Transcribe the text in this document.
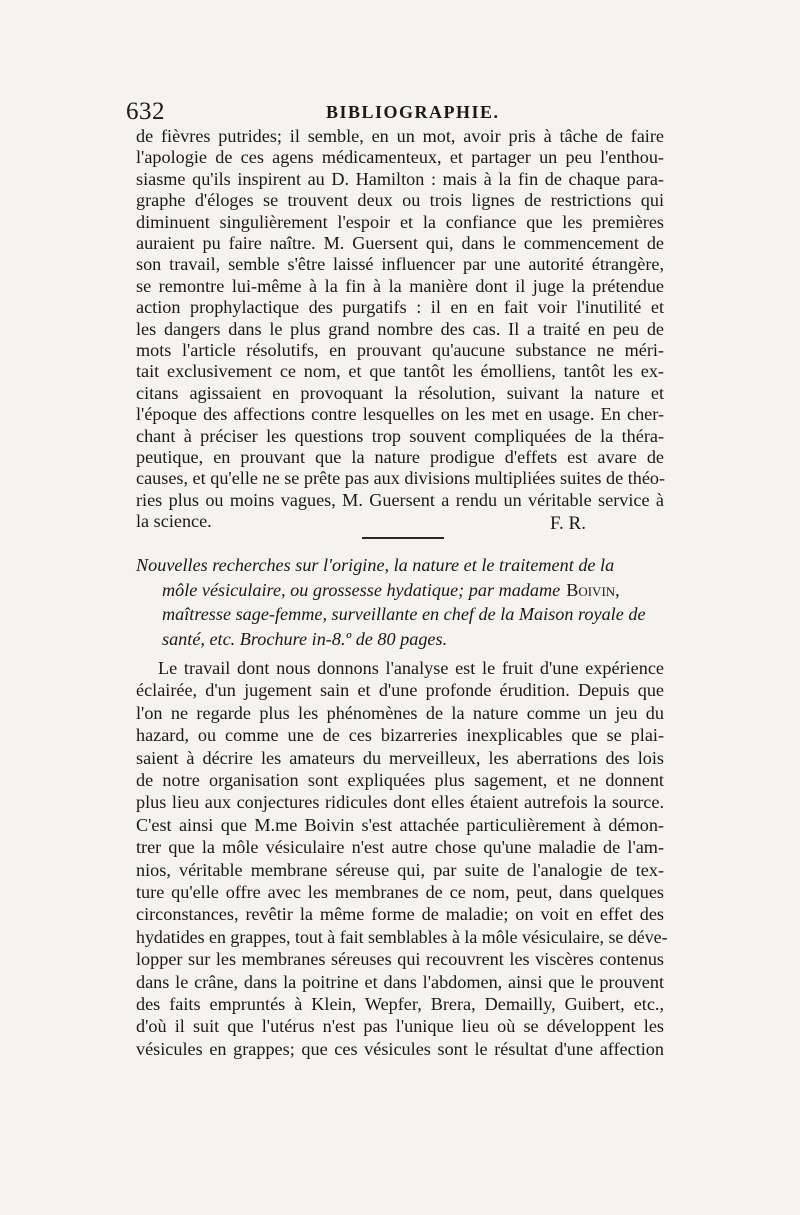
632	BIBLIOGRAPHIE.
de fièvres putrides; il semble, en un mot, avoir pris à tâche de faire
l'apologie de ces agens médicamenteux, et partager un peu l'enthou-
siasme qu'ils inspirent au D. Hamilton : mais à la fin de chaque para-
graphe d'éloges se trouvent deux ou trois lignes de restrictions qui
diminuent singulièrement l'espoir et la confiance que les premières
auraient pu faire naître. M. Guersent qui, dans le commencement de
son travail, semble s'être laissé influencer par une autorité étrangère,
se remontre lui-même à la fin à la manière dont il juge la prétendue
action prophylactique des purgatifs : il en en fait voir l'inutilité et
les dangers dans le plus grand nombre des cas. Il a traité en peu de
mots l'article résolutifs, en prouvant qu'aucune substance ne méri-
tait exclusivement ce nom, et que tantôt les émolliens, tantôt les ex-
citans agissaient en provoquant la résolution, suivant la nature et
l'époque des affections contre lesquelles on les met en usage. En cher-
chant à préciser les questions trop souvent compliquées de la théra-
peutique, en prouvant que la nature prodigue d'effets est avare de
causes, et qu'elle ne se prête pas aux divisions multipliées suites de théo-
ries plus ou moins vagues, M. Guersent a rendu un véritable service à
la science.
Nouvelles recherches sur l'origine, la nature et le traitement de la
môle vésiculaire, ou grossesse hydatique; par madame Boivin,
maîtresse sage-femme, surveillante en chef de la Maison royale de
santé, etc. Brochure in-8.º de 80 pages.
Le travail dont nous donnons l'analyse est le fruit d'une expérience
éclairée, d'un jugement sain et d'une profonde érudition. Depuis que
l'on ne regarde plus les phénomènes de la nature comme un jeu du
hazard, ou comme une de ces bizarreries inexplicables que se plai-
saient à décrire les amateurs du merveilleux, les aberrations des lois
de notre organisation sont expliquées plus sagement, et ne donnent
plus lieu aux conjectures ridicules dont elles étaient autrefois la source.
C'est ainsi que M.me Boivin s'est attachée particulièrement à démon-
trer que la môle vésiculaire n'est autre chose qu'une maladie de l'am-
nios, véritable membrane séreuse qui, par suite de l'analogie de tex-
ture qu'elle offre avec les membranes de ce nom, peut, dans quelques
circonstances, revêtir la même forme de maladie; on voit en effet des
hydatides en grappes, tout à fait semblables à la môle vésiculaire, se déve-
lopper sur les membranes séreuses qui recouvrent les viscères contenus
dans le crâne, dans la poitrine et dans l'abdomen, ainsi que le prouvent
des faits empruntés à Klein, Wepfer, Brera, Demailly, Guibert, etc.,
d'où il suit que l'utérus n'est pas l'unique lieu où se développent les
vésicules en grappes; que ces vésicules sont le résultat d'une affection
F. R.
